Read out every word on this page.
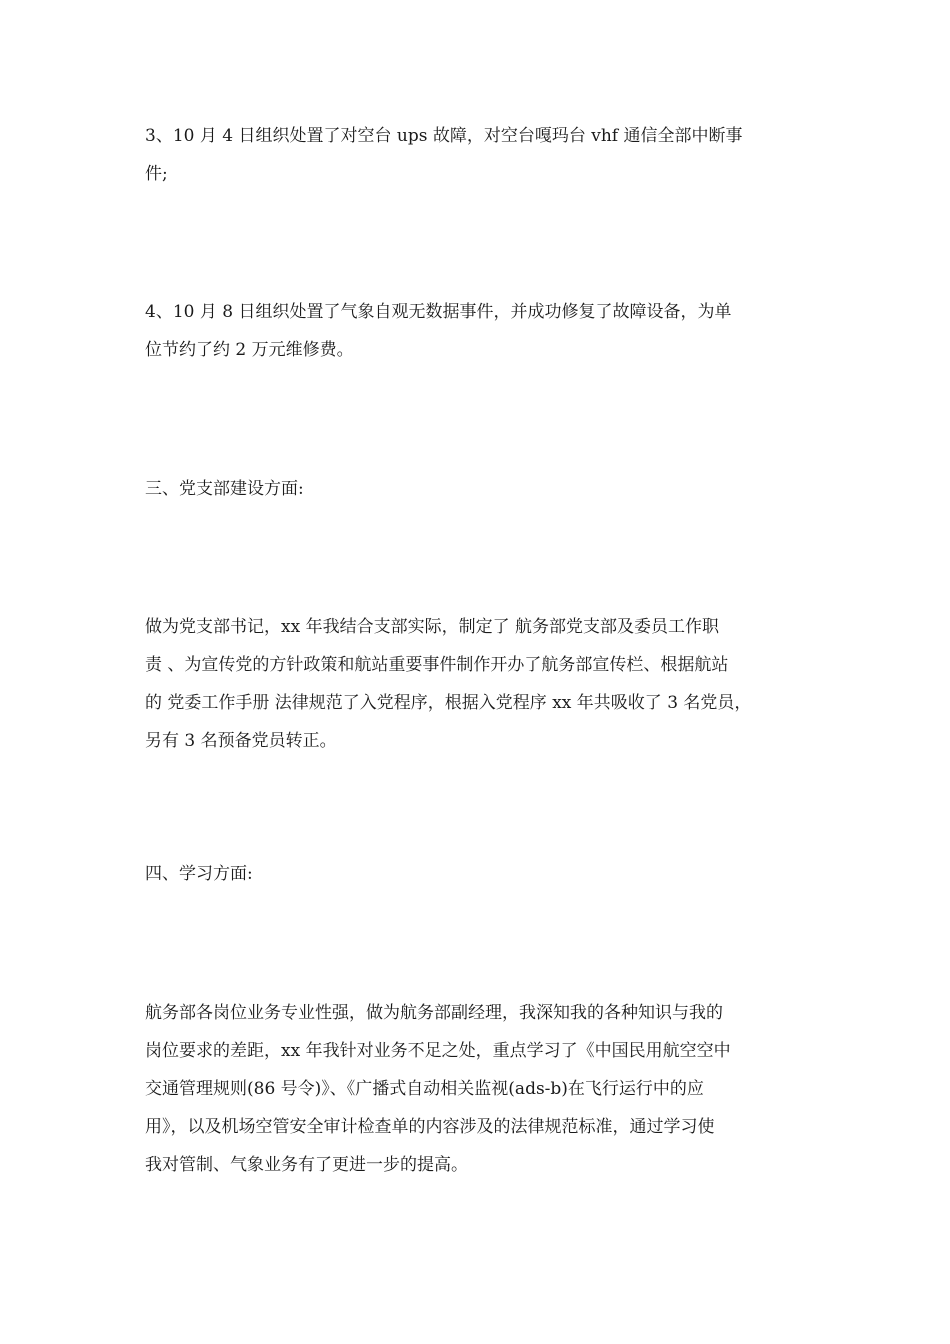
3、10 月 4 日组织处置了对空台 ups 故障，对空台嘎玛台 vhf 通信全部中断事
件;
4、10 月 8 日组织处置了气象自观无数据事件，并成功修复了故障设备，为单
位节约了约 2 万元维修费。
三、党支部建设方面:
做为党支部书记，xx 年我结合支部实际，制定了 航务部党支部及委员工作职
责 、为宣传党的方针政策和航站重要事件制作开办了航务部宣传栏、根据航站
的 党委工作手册 法律规范了入党程序，根据入党程序 xx 年共吸收了 3 名党员，
另有 3 名预备党员转正。
四、学习方面:
航务部各岗位业务专业性强，做为航务部副经理，我深知我的各种知识与我的
岗位要求的差距，xx 年我针对业务不足之处，重点学习了《中国民用航空空中
交通管理规则(86 号令)》、《广播式自动相关监视(ads-b)在飞行运行中的应
用》，以及机场空管安全审计检查单的内容涉及的法律规范标准，通过学习使
我对管制、气象业务有了更进一步的提高。
